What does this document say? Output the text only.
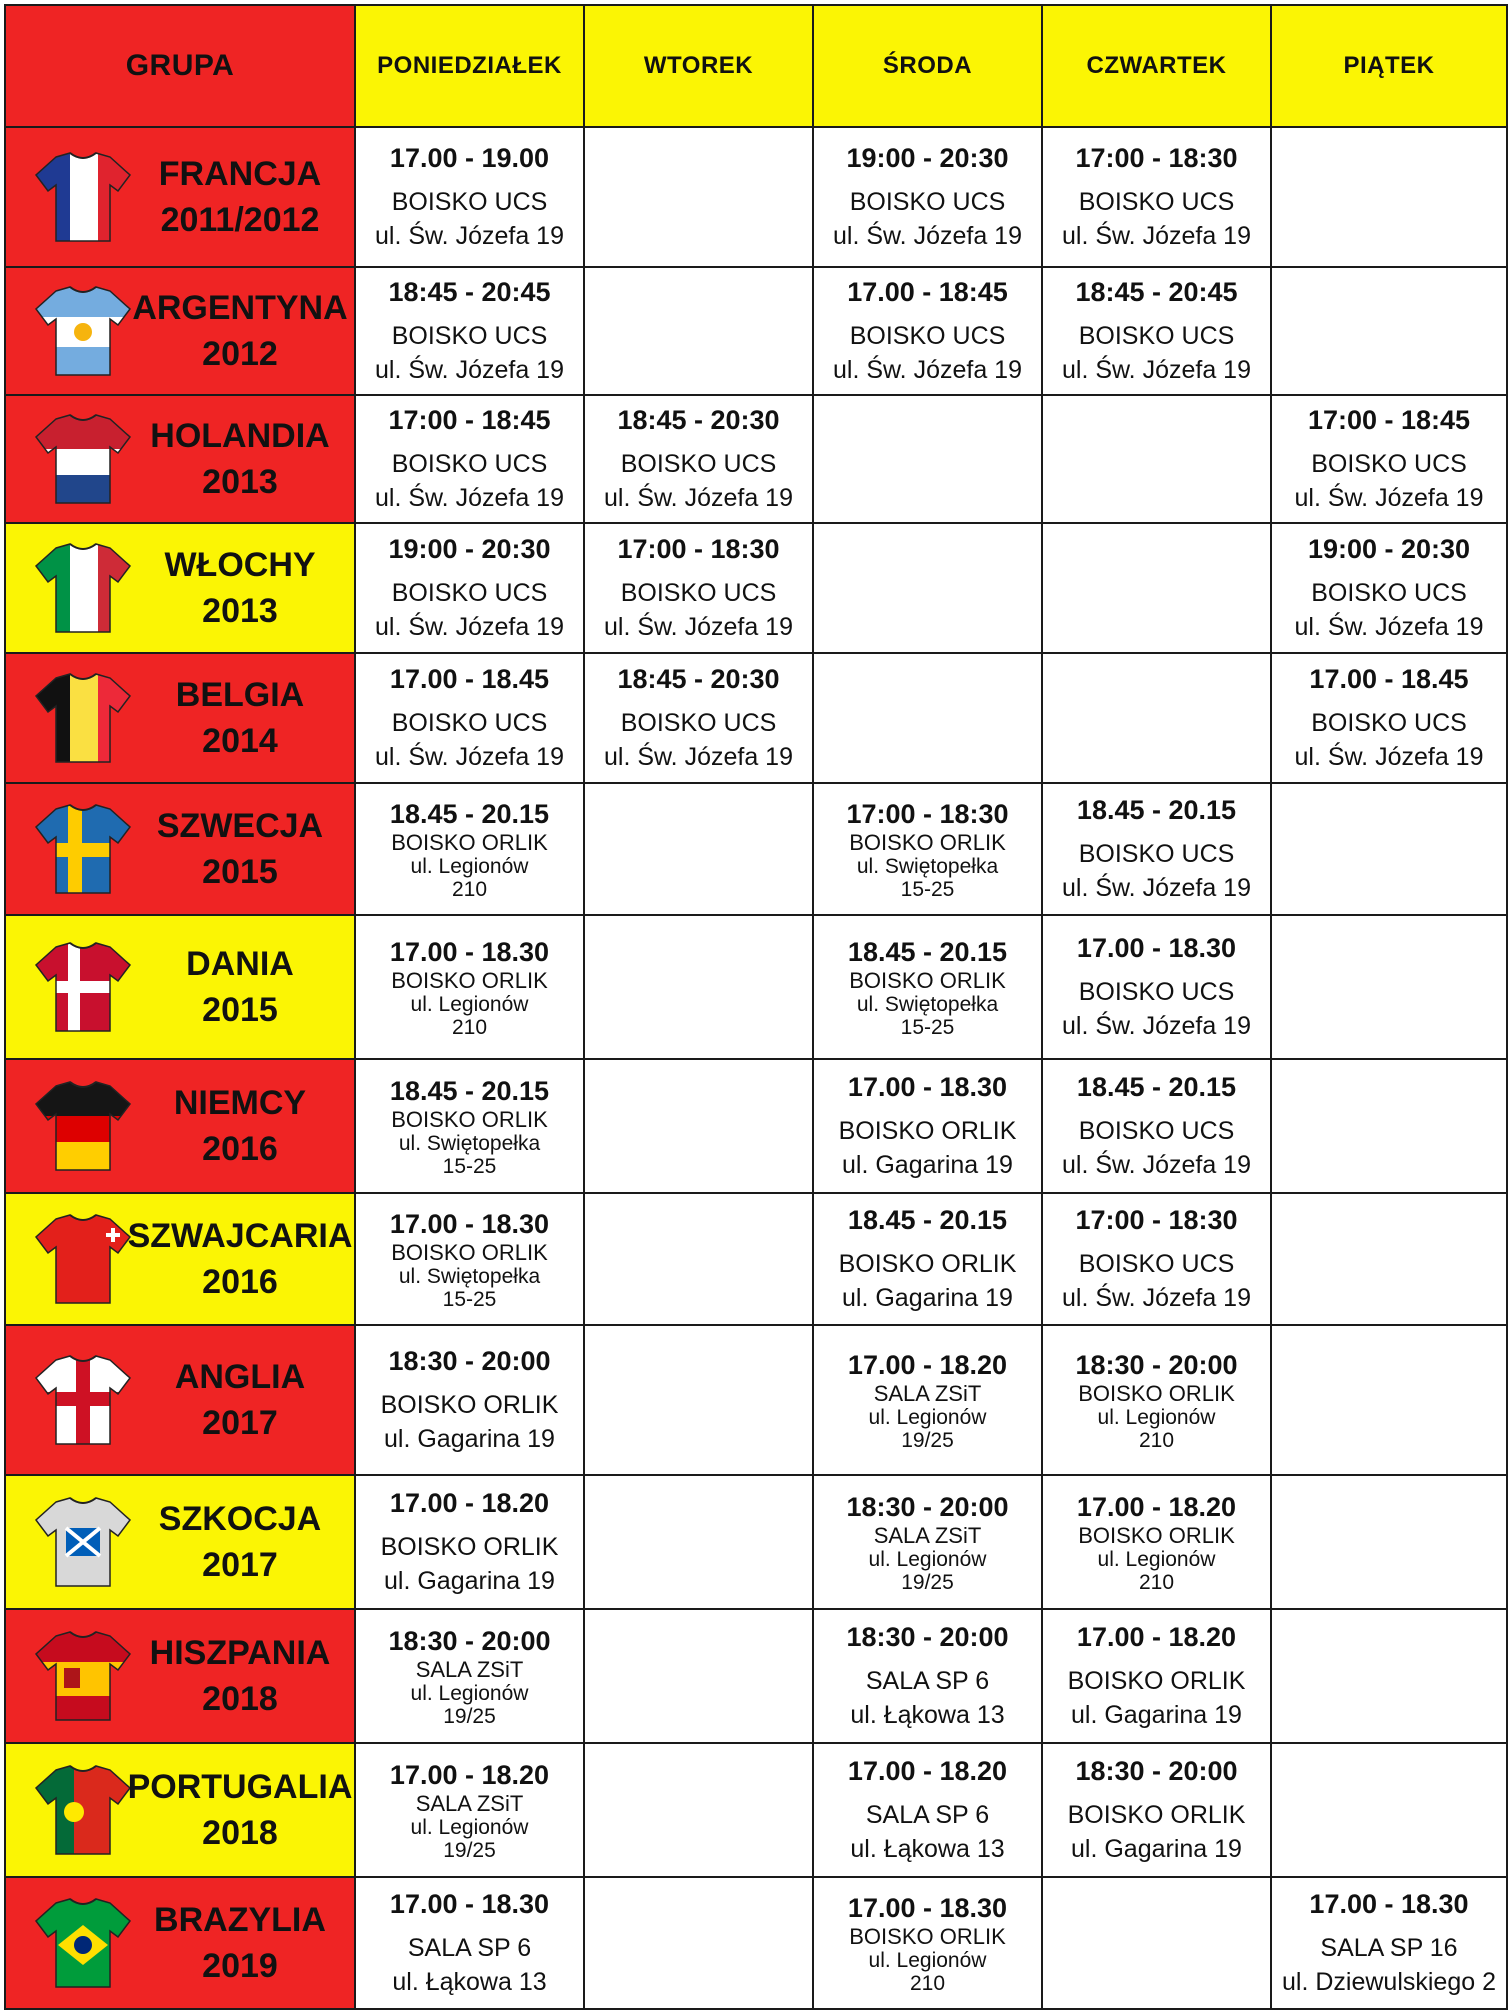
GRUPA	PONIEDZIAŁEK	WTOREK	ŚRODA	CZWARTEK	PIĄTEK

FRANCJA
2011/2012	17.00 - 19.00
BOISKO UCS
ul. Św. Józefa 19		19:00 - 20:30
BOISKO UCS
ul. Św. Józefa 19	17:00 - 18:30
BOISKO UCS
ul. Św. Józefa 19	

ARGENTYNA
2012	18:45 - 20:45
BOISKO UCS
ul. Św. Józefa 19		17.00 - 18:45
BOISKO UCS
ul. Św. Józefa 19	18:45 - 20:45
BOISKO UCS
ul. Św. Józefa 19	

HOLANDIA
2013	17:00 - 18:45
BOISKO UCS
ul. Św. Józefa 19	18:45 - 20:30
BOISKO UCS
ul. Św. Józefa 19			17:00 - 18:45
BOISKO UCS
ul. Św. Józefa 19

WŁOCHY
2013	19:00 - 20:30
BOISKO UCS
ul. Św. Józefa 19	17:00 - 18:30
BOISKO UCS
ul. Św. Józefa 19			19:00 - 20:30
BOISKO UCS
ul. Św. Józefa 19

BELGIA
2014	17.00 - 18.45
BOISKO UCS
ul. Św. Józefa 19	18:45 - 20:30
BOISKO UCS
ul. Św. Józefa 19			17.00 - 18.45
BOISKO UCS
ul. Św. Józefa 19

SZWECJA
2015	18.45 - 20.15
BOISKO ORLIK
ul. Legionów
210		17:00 - 18:30
BOISKO ORLIK
ul. Swiętopełka
15-25	18.45 - 20.15
BOISKO UCS
ul. Św. Józefa 19	

DANIA
2015	17.00 - 18.30
BOISKO ORLIK
ul. Legionów
210		18.45 - 20.15
BOISKO ORLIK
ul. Swiętopełka
15-25	17.00 - 18.30
BOISKO UCS
ul. Św. Józefa 19	

NIEMCY
2016	18.45 - 20.15
BOISKO ORLIK
ul. Swiętopełka
15-25		17.00 - 18.30
BOISKO ORLIK
ul. Gagarina 19	18.45 - 20.15
BOISKO UCS
ul. Św. Józefa 19	

SZWAJCARIA
2016	17.00 - 18.30
BOISKO ORLIK
ul. Swiętopełka
15-25		18.45 - 20.15
BOISKO ORLIK
ul. Gagarina 19	17:00 - 18:30
BOISKO UCS
ul. Św. Józefa 19	

ANGLIA
2017	18:30 - 20:00
BOISKO ORLIK
ul. Gagarina 19		17.00 - 18.20
SALA ZSiT
ul. Legionów
19/25	18:30 - 20:00
BOISKO ORLIK
ul. Legionów
210	

SZKOCJA
2017	17.00 - 18.20
BOISKO ORLIK
ul. Gagarina 19		18:30 - 20:00
SALA ZSiT
ul. Legionów
19/25	17.00 - 18.20
BOISKO ORLIK
ul. Legionów
210	

HISZPANIA
2018	18:30 - 20:00
SALA ZSiT
ul. Legionów
19/25		18:30 - 20:00
SALA SP 6
ul. Łąkowa 13	17.00 - 18.20
BOISKO ORLIK
ul. Gagarina 19	

PORTUGALIA
2018	17.00 - 18.20
SALA ZSiT
ul. Legionów
19/25		17.00 - 18.20
SALA SP 6
ul. Łąkowa 13	18:30 - 20:00
BOISKO ORLIK
ul. Gagarina 19	

BRAZYLIA
2019	17.00 - 18.30
SALA SP 6
ul. Łąkowa 13		17.00 - 18.30
BOISKO ORLIK
ul. Legionów
210		17.00 - 18.30
SALA SP 16
ul. Dziewulskiego 2
